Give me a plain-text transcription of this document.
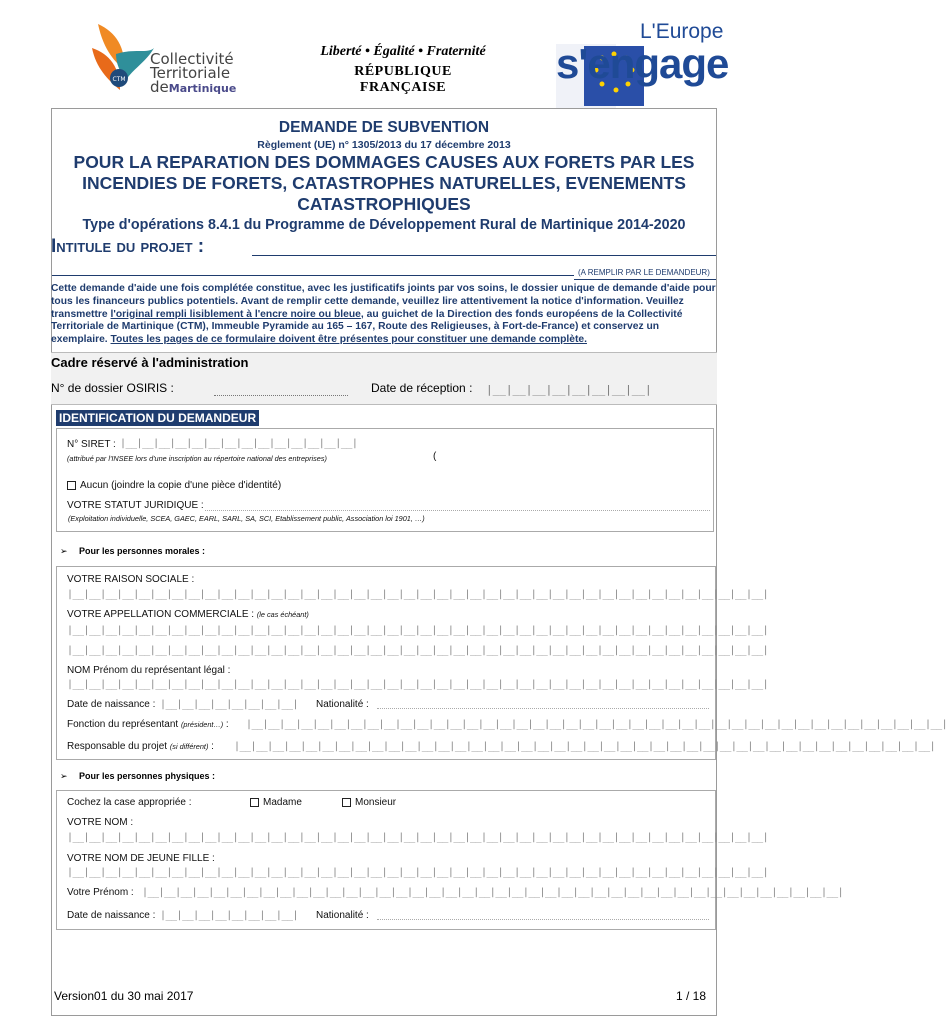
CTM
Collectivité
Territoriale
deMartinique
Liberté • Égalité • Fraternité
RÉPUBLIQUE FRANÇAISE
L'Europe
s'engage
DEMANDE DE SUBVENTION
Règlement (UE) n° 1305/2013 du 17 décembre 2013
POUR LA REPARATION DES DOMMAGES CAUSES AUX FORETS PAR LES INCENDIES DE FORETS, CATASTROPHES NATURELLES, EVENEMENTS CATASTROPHIQUES
Type d'opérations 8.4.1 du Programme de Développement Rural de Martinique 2014-2020
Intitule du projet :
(A REMPLIR PAR LE DEMANDEUR)
Cette demande d'aide une fois complétée constitue, avec les justificatifs joints par vos soins, le dossier unique de demande d'aide pour tous les financeurs publics potentiels. Avant de remplir cette demande, veuillez lire attentivement la notice d'information. Veuillez transmettre l'original rempli lisiblement à l'encre noire ou bleue, au guichet de la Direction des fonds européens de la Collectivité Territoriale de Martinique (CTM), Immeuble Pyramide au 165 – 167, Route des Religieuses, à Fort-de-France) et conservez un exemplaire. Toutes les pages de ce formulaire doivent être présentes pour constituer une demande complète.
Cadre réservé à l'administration
N° de dossier OSIRIS :	Date de réception : |__|__|__|__|__|__|__|__|
IDENTIFICATION DU DEMANDEUR
N° SIRET : |__|__|__|__|__|__|__|__|__|__|__|__|__|__|
(attribué par l'INSEE lors d'une inscription au répertoire national des entreprises)	(
Aucun (joindre la copie d'une pièce d'identité)
VOTRE STATUT JURIDIQUE :
(Exploitation individuelle, SCEA, GAEC, EARL, SARL, SA, SCI, Etablissement public, Association loi 1901, …)
➢ Pour les personnes morales :
VOTRE RAISON SOCIALE :
|__|__|__|__|__|__|__|__|__|__|__|__|__|__|__|__|__|__|__|__|__|__|__|__|__|__|__|__|__|__|__|__|__|__|__|__|__|__|__|__|__|__|
VOTRE APPELLATION COMMERCIALE : (le cas échéant)
|__|__|__|__|__|__|__|__|__|__|__|__|__|__|__|__|__|__|__|__|__|__|__|__|__|__|__|__|__|__|__|__|__|__|__|__|__|__|__|__|__|__|
|__|__|__|__|__|__|__|__|__|__|__|__|__|__|__|__|__|__|__|__|__|__|__|__|__|__|__|__|__|__|__|__|__|__|__|__|__|__|__|__|__|__|
NOM Prénom du représentant légal :
|__|__|__|__|__|__|__|__|__|__|__|__|__|__|__|__|__|__|__|__|__|__|__|__|__|__|__|__|__|__|__|__|__|__|__|__|__|__|__|__|__|__|
Date de naissance : |__|__|__|__|__|__|__|__| Nationalité :
Fonction du représentant (président…) : |__|__|__|__|__|__|__|__|__|__|__|__|__|__|__|__|__|__|__|__|__|__|__|__|__|__|__|__|__|__|__|__|__|__|__|__|__|__|__|__|__|__|
Responsable du projet (si différent) : |__|__|__|__|__|__|__|__|__|__|__|__|__|__|__|__|__|__|__|__|__|__|__|__|__|__|__|__|__|__|__|__|__|__|__|__|__|__|__|__|__|__|
➢ Pour les personnes physiques :
Cochez la case appropriée :	Madame	Monsieur
VOTRE NOM :
|__|__|__|__|__|__|__|__|__|__|__|__|__|__|__|__|__|__|__|__|__|__|__|__|__|__|__|__|__|__|__|__|__|__|__|__|__|__|__|__|__|__|
VOTRE NOM DE JEUNE FILLE :
|__|__|__|__|__|__|__|__|__|__|__|__|__|__|__|__|__|__|__|__|__|__|__|__|__|__|__|__|__|__|__|__|__|__|__|__|__|__|__|__|__|__|
Votre Prénom : |__|__|__|__|__|__|__|__|__|__|__|__|__|__|__|__|__|__|__|__|__|__|__|__|__|__|__|__|__|__|__|__|__|__|__|__|__|__|__|__|__|__|
Date de naissance : |__|__|__|__|__|__|__|__| Nationalité :
Version01 du 30 mai 2017	1 / 18
